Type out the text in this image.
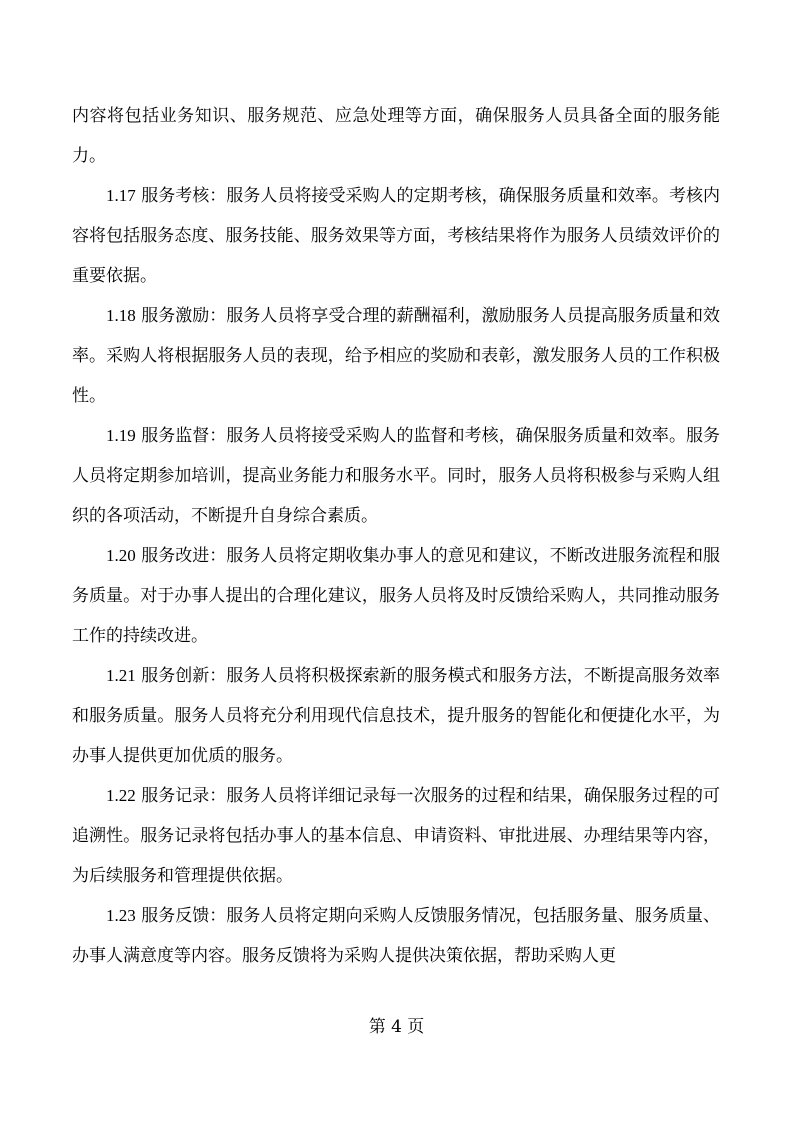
内容将包括业务知识、服务规范、应急处理等方面，确保服务人员具备全面的服务能力。

1.17 服务考核：服务人员将接受采购人的定期考核，确保服务质量和效率。考核内容将包括服务态度、服务技能、服务效果等方面，考核结果将作为服务人员绩效评价的重要依据。

1.18 服务激励：服务人员将享受合理的薪酬福利，激励服务人员提高服务质量和效率。采购人将根据服务人员的表现，给予相应的奖励和表彰，激发服务人员的工作积极性。

1.19 服务监督：服务人员将接受采购人的监督和考核，确保服务质量和效率。服务人员将定期参加培训，提高业务能力和服务水平。同时，服务人员将积极参与采购人组织的各项活动，不断提升自身综合素质。

1.20 服务改进：服务人员将定期收集办事人的意见和建议，不断改进服务流程和服务质量。对于办事人提出的合理化建议，服务人员将及时反馈给采购人，共同推动服务工作的持续改进。

1.21 服务创新：服务人员将积极探索新的服务模式和服务方法，不断提高服务效率和服务质量。服务人员将充分利用现代信息技术，提升服务的智能化和便捷化水平，为办事人提供更加优质的服务。

1.22 服务记录：服务人员将详细记录每一次服务的过程和结果，确保服务过程的可追溯性。服务记录将包括办事人的基本信息、申请资料、审批进展、办理结果等内容，为后续服务和管理提供依据。

1.23 服务反馈：服务人员将定期向采购人反馈服务情况，包括服务量、服务质量、办事人满意度等内容。服务反馈将为采购人提供决策依据，帮助采购人更

第 4 页
